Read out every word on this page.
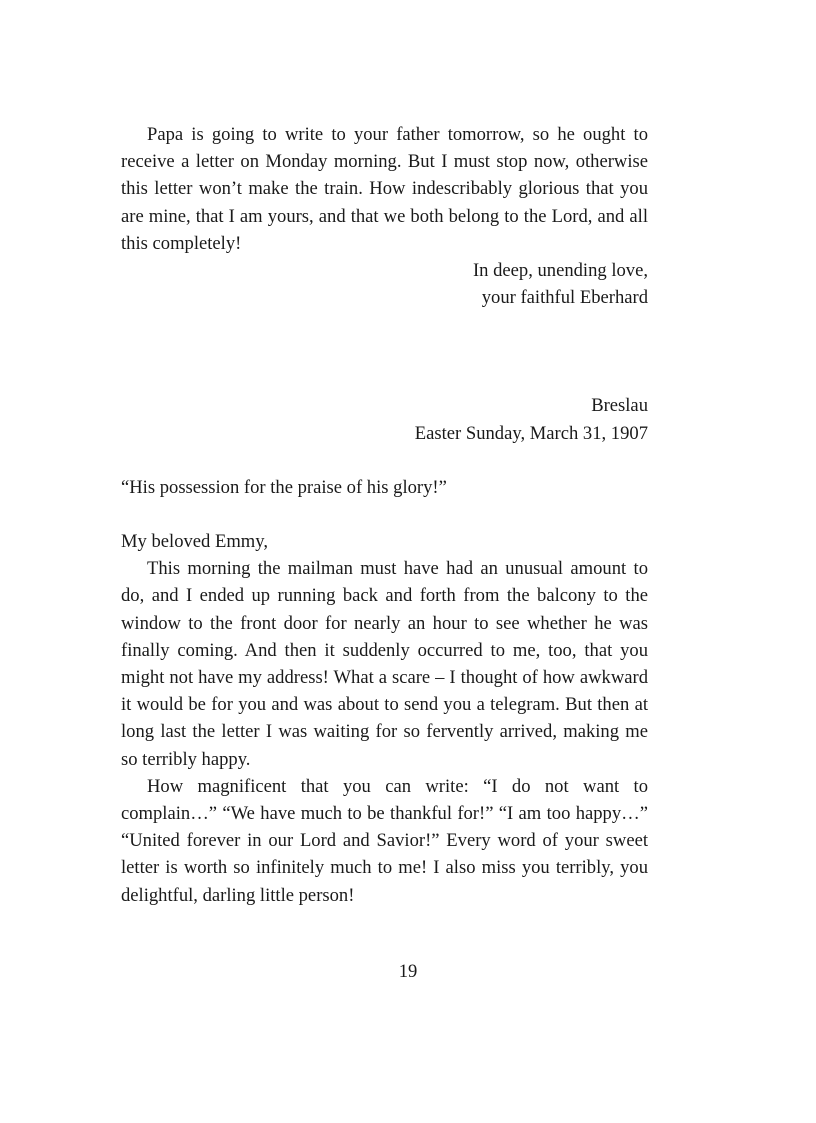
Papa is going to write to your father tomorrow, so he ought to receive a letter on Monday morning. But I must stop now, otherwise this letter won’t make the train. How indescribably glorious that you are mine, that I am yours, and that we both belong to the Lord, and all this completely!

In deep, unending love,

your faithful Eberhard

Breslau

Easter Sunday, March 31, 1907

“His possession for the praise of his glory!”

My beloved Emmy,

This morning the mailman must have had an unusual amount to do, and I ended up running back and forth from the balcony to the window to the front door for nearly an hour to see whether he was finally coming. And then it suddenly occurred to me, too, that you might not have my address! What a scare – I thought of how awkward it would be for you and was about to send you a telegram. But then at long last the letter I was waiting for so fervently arrived, making me so terribly happy.

How magnificent that you can write: “I do not want to complain…” “We have much to be thankful for!” “I am too happy…” “United forever in our Lord and Savior!” Every word of your sweet letter is worth so infinitely much to me! I also miss you terribly, you delightful, darling little person!

19
